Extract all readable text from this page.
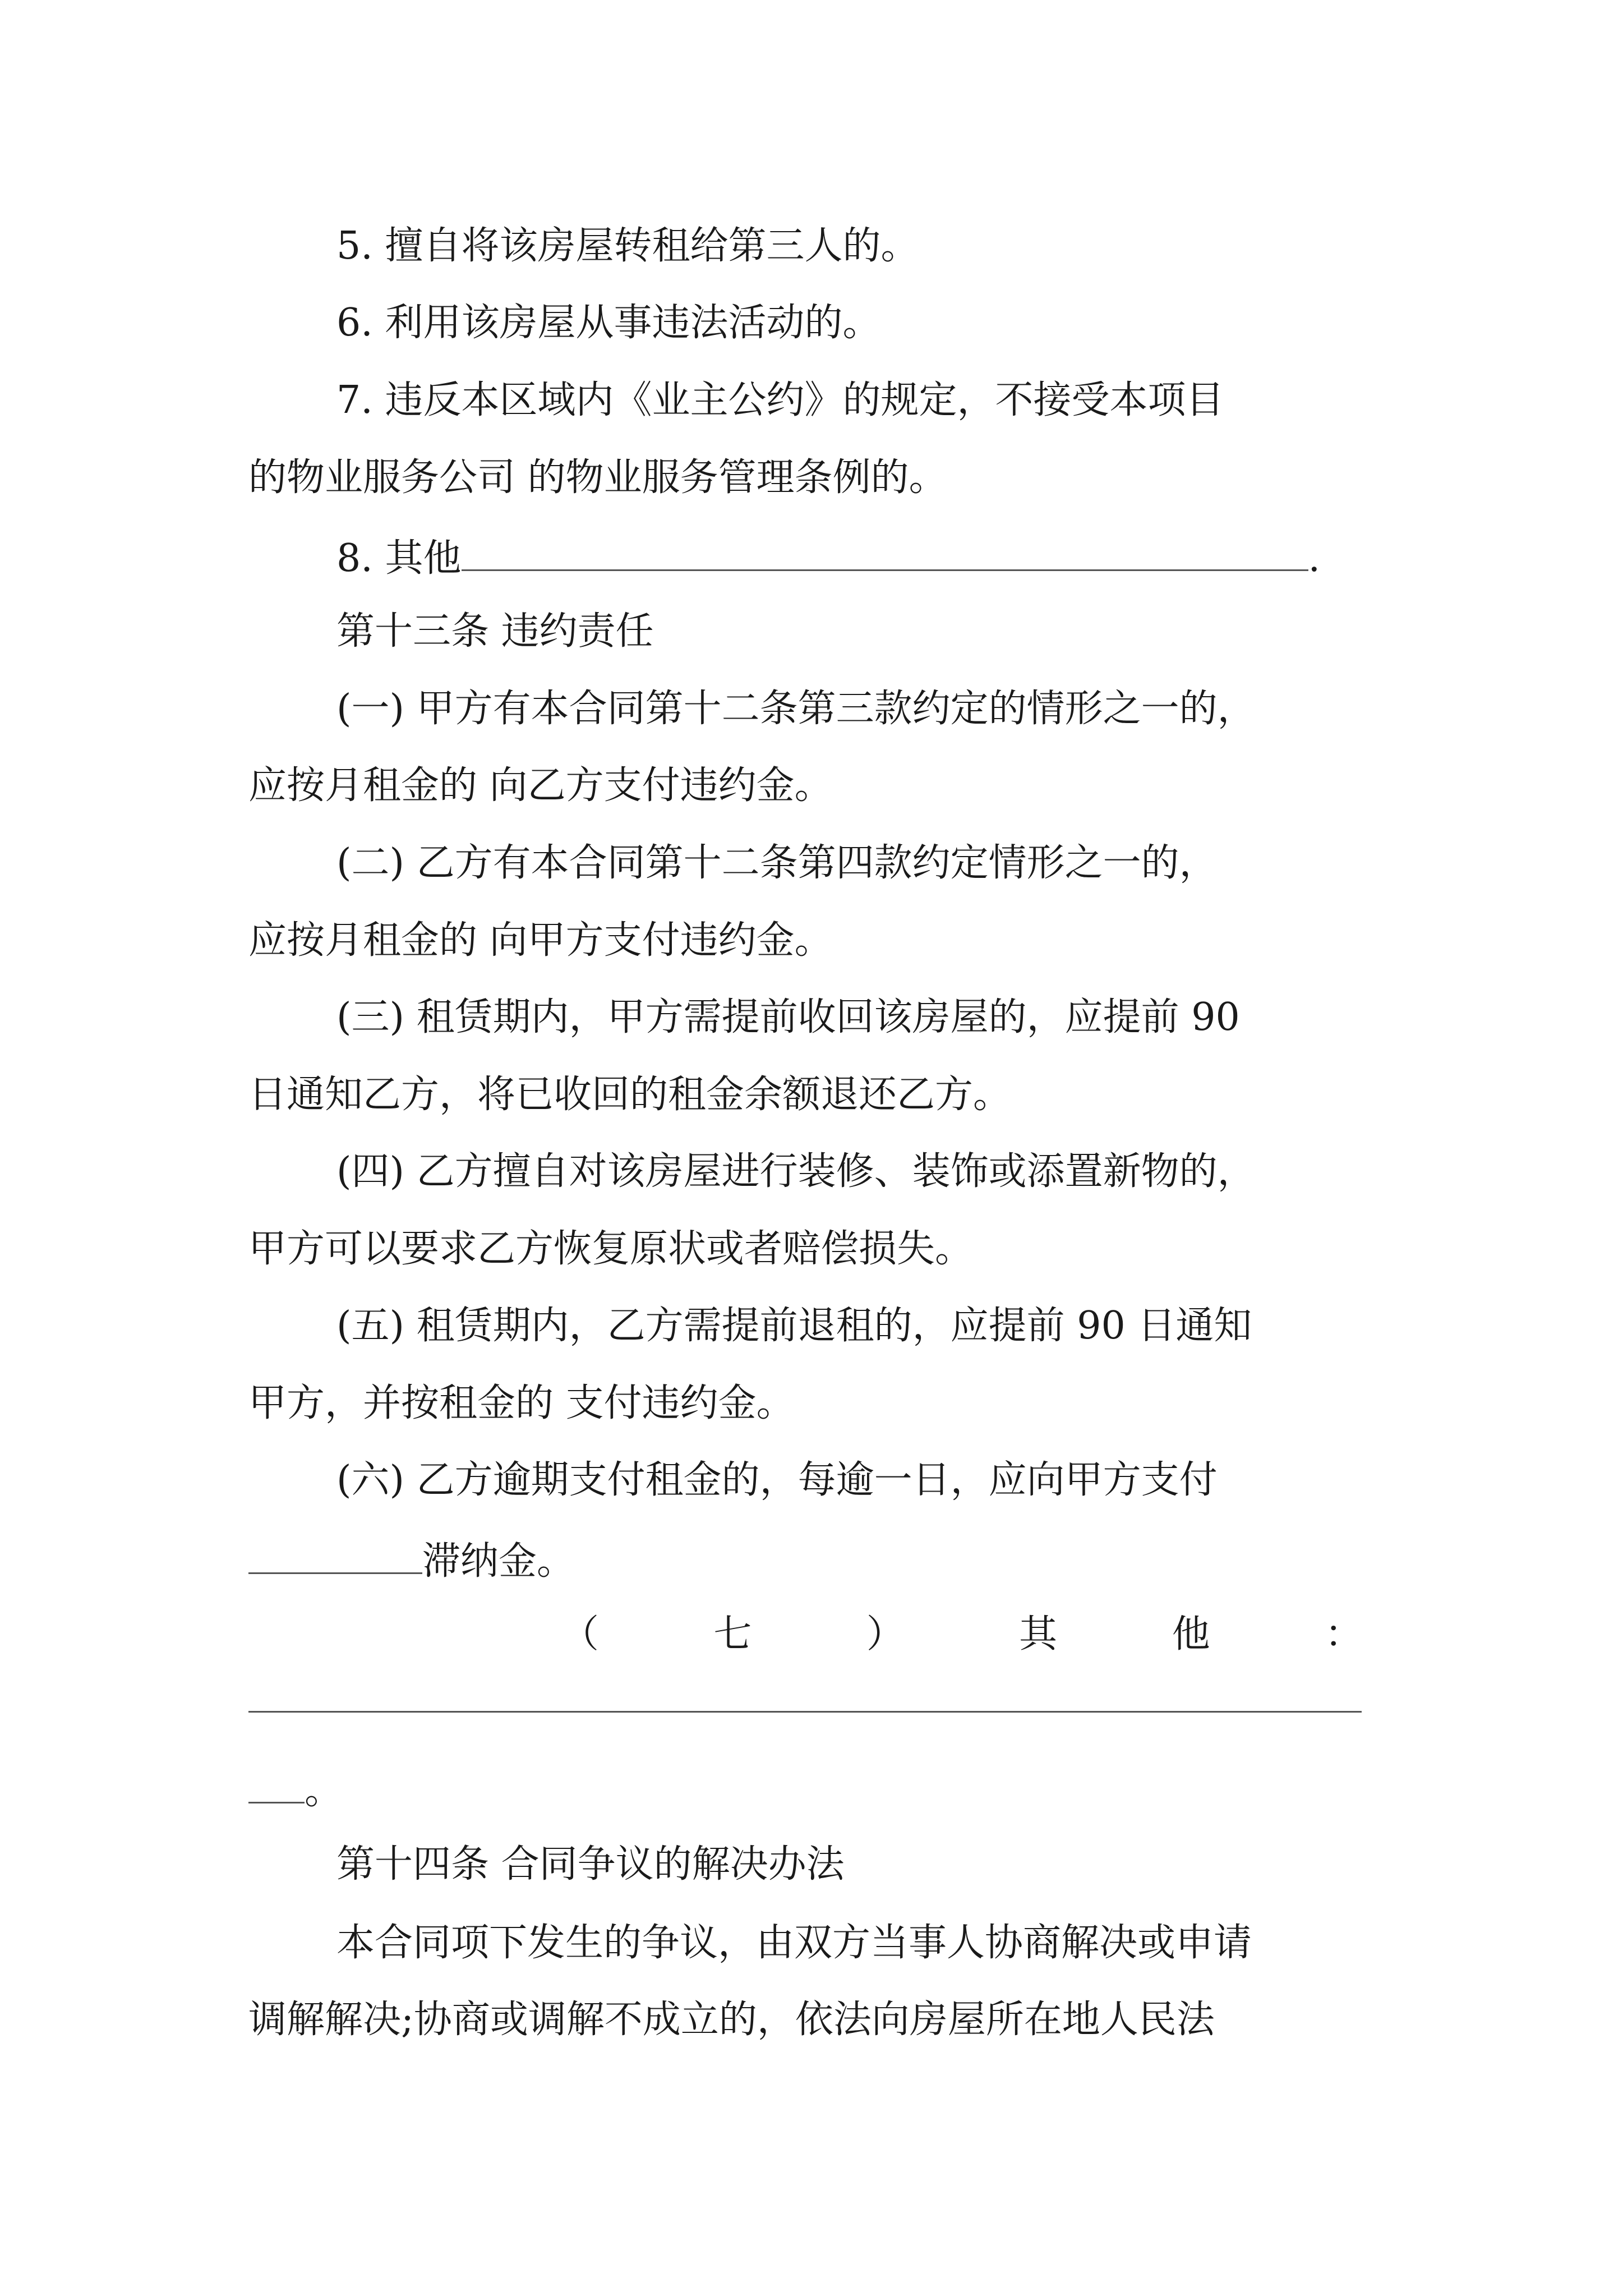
5. 擅自将该房屋转租给第三人的。
6. 利用该房屋从事违法活动的。
7. 违反本区域内《业主公约》的规定，不接受本项目
的物业服务公司 的物业服务管理条例的。
8. 其他	.
第十三条 违约责任
(一) 甲方有本合同第十二条第三款约定的情形之一的，
应按月租金的 向乙方支付违约金。
(二) 乙方有本合同第十二条第四款约定情形之一的，
应按月租金的 向甲方支付违约金。
(三) 租赁期内，甲方需提前收回该房屋的，应提前 90
日通知乙方，将已收回的租金余额退还乙方。
(四) 乙方擅自对该房屋进行装修、装饰或添置新物的，
甲方可以要求乙方恢复原状或者赔偿损失。
(五) 租赁期内，乙方需提前退租的，应提前 90 日通知
甲方，并按租金的 支付违约金。
(六) 乙方逾期支付租金的，每逾一日，应向甲方支付
滞纳金。
（	七	）	其	他	：
。
第十四条 合同争议的解决办法
本合同项下发生的争议，由双方当事人协商解决或申请
调解解决;协商或调解不成立的，依法向房屋所在地人民法
